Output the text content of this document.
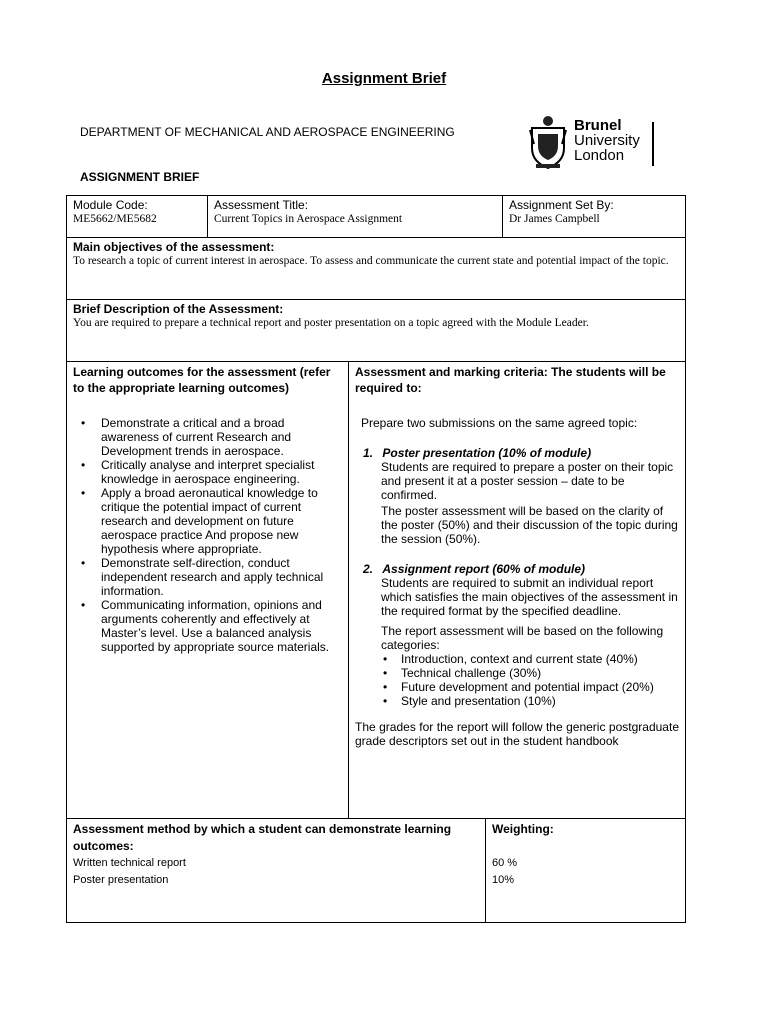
Assignment Brief
DEPARTMENT OF MECHANICAL AND AEROSPACE ENGINEERING
ASSIGNMENT BRIEF
Brunel
University
London
Module Code:
ME5662/ME5682
Assessment Title:
Current Topics in Aerospace Assignment
Assignment Set By:
Dr James Campbell
Main objectives of the assessment:
To research a topic of current interest in aerospace. To assess and communicate the current state and potential impact of the topic.
Brief Description of the Assessment:
You are required to prepare a technical report and poster presentation on a topic agreed with the Module Leader.
Learning outcomes for the assessment (refer to the appropriate learning outcomes)
• Demonstrate a critical and a broad awareness of current Research and Development trends in aerospace.
• Critically analyse and interpret specialist knowledge in aerospace engineering.
• Apply a broad aeronautical knowledge to critique the potential impact of current research and development on future aerospace practice And propose new hypothesis where appropriate.
• Demonstrate self-direction, conduct independent research and apply technical information.
• Communicating information, opinions and arguments coherently and effectively at Master’s level. Use a balanced analysis supported by appropriate source materials.
Assessment and marking criteria: The students will be required to:
Prepare two submissions on the same agreed topic:
1. Poster presentation (10% of module)
Students are required to prepare a poster on their topic and present it at a poster session – date to be confirmed.
The poster assessment will be based on the clarity of the poster (50%) and their discussion of the topic during the session (50%).
2. Assignment report (60% of module)
Students are required to submit an individual report which satisfies the main objectives of the assessment in the required format by the specified deadline.
The report assessment will be based on the following categories:
• Introduction, context and current state (40%)
• Technical challenge (30%)
• Future development and potential impact (20%)
• Style and presentation (10%)
The grades for the report will follow the generic postgraduate grade descriptors set out in the student handbook
Assessment method by which a student can demonstrate learning outcomes:
Written technical report
Poster presentation
Weighting:
60 %
10%
